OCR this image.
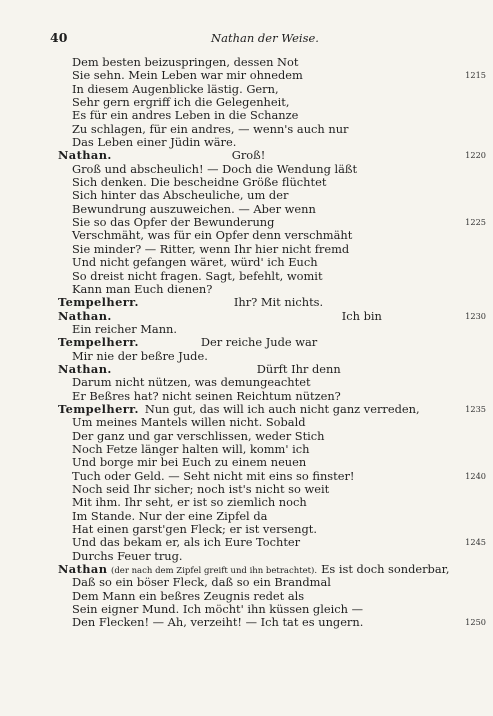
40	Nathan der Weise.
Dem besten beizuspringen, dessen Not
Sie sehn. Mein Leben war mir ohnedem	1215
In diesem Augenblicke lästig. Gern,
Sehr gern ergriff ich die Gelegenheit,
Es für ein andres Leben in die Schanze
Zu schlagen, für ein andres, — wenn's auch nur
Das Leben einer Jüdin wäre.
Nathan.	Groß!	1220
Groß und abscheulich! — Doch die Wendung läßt
Sich denken. Die bescheidne Größe flüchtet
Sich hinter das Abscheuliche, um der
Bewundrung auszuweichen. — Aber wenn
Sie so das Opfer der Bewunderung	1225
Verschmäht, was für ein Opfer denn verschmäht
Sie minder? — Ritter, wenn Ihr hier nicht fremd
Und nicht gefangen wäret, würd' ich Euch
So dreist nicht fragen. Sagt, befehlt, womit
Kann man Euch dienen?
Tempelherr.	Ihr? Mit nichts.
Nathan.	Ich bin	1230
Ein reicher Mann.
Tempelherr.	Der reiche Jude war
Mir nie der beßre Jude.
Nathan.	Dürft Ihr denn
Darum nicht nützen, was demungeachtet
Er Beßres hat? nicht seinen Reichtum nützen?
Tempelherr. Nun gut, das will ich auch nicht ganz verreden,	1235
Um meines Mantels willen nicht. Sobald
Der ganz und gar verschlissen, weder Stich
Noch Fetze länger halten will, komm' ich
Und borge mir bei Euch zu einem neuen
Tuch oder Geld. — Seht nicht mit eins so finster!	1240
Noch seid Ihr sicher; noch ist's nicht so weit
Mit ihm. Ihr seht, er ist so ziemlich noch
Im Stande. Nur der eine Zipfel da
Hat einen garst'gen Fleck; er ist versengt.
Und das bekam er, als ich Eure Tochter	1245
Durchs Feuer trug.
Nathan (der nach dem Zipfel greift und ihn betrachtet). Es ist doch sonderbar,
Daß so ein böser Fleck, daß so ein Brandmal
Dem Mann ein beßres Zeugnis redet als
Sein eigner Mund. Ich möcht' ihn küssen gleich —
Den Flecken! — Ah, verzeiht! — Ich tat es ungern.	1250
